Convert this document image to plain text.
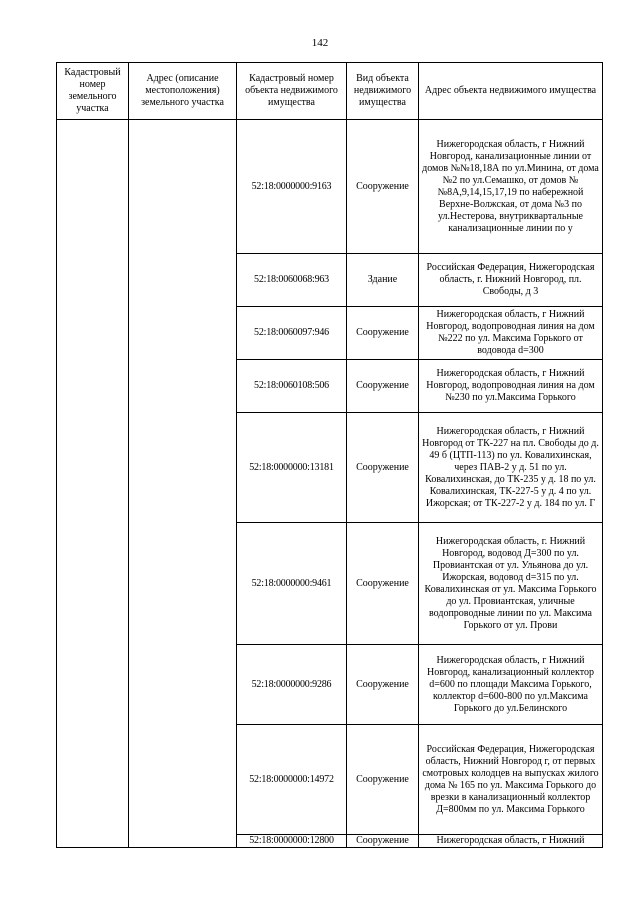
142
Кадастровый номер земельного участка	Адрес (описание местоположения) земельного участка	Кадастровый номер объекта недвижимого имущества	Вид объекта недвижимого имущества	Адрес объекта недвижимого имущества
		52:18:0000000:9163	Сооружение	Нижегородская область, г Нижний Новгород, канализационные линии от домов №№18,18А по ул.Минина, от дома №2 по ул.Семашко, от домов №№8А,9,14,15,17,19 по набережной Верхне-Волжская, от дома №3 по ул.Нестерова, внутриквартальные канализационные линии по у
		52:18:0060068:963	Здание	Российская Федерация, Нижегородская область, г. Нижний Новгород, пл. Свободы, д 3
		52:18:0060097:946	Сооружение	Нижегородская область, г Нижний Новгород, водопроводная линия на дом №222 по ул. Максима Горького от водовода d=300
		52:18:0060108:506	Сооружение	Нижегородская область, г Нижний Новгород, водопроводная линия на дом №230 по ул.Максима Горького
		52:18:0000000:13181	Сооружение	Нижегородская область, г Нижний Новгород от ТК-227 на пл. Свободы до д. 49 б (ЦТП-113) по ул. Ковалихинская, через ПАВ-2 у д. 51 по ул. Ковалихинская, до ТК-235 у д. 18 по ул. Ковалихинская, ТК-227-5 у д. 4 по ул. Ижорская; от ТК-227-2 у д. 184 по ул. Г
		52:18:0000000:9461	Сооружение	Нижегородская область, г. Нижний Новгород, водовод Д=300 по ул. Провиантская от ул. Ульянова до ул. Ижорская, водовод d=315 по ул. Ковалихинская от ул. Максима Горького до ул. Провиантская, уличные водопроводные линии по ул. Максима Горького от ул. Прови
		52:18:0000000:9286	Сооружение	Нижегородская область, г Нижний Новгород, канализационный коллектор d=600 по площади Максима Горького, коллектор d=600-800 по ул.Максима Горького до ул.Белинского
		52:18:0000000:14972	Сооружение	Российская Федерация, Нижегородская область, Нижний Новгород г, от первых смотровых колодцев на выпусках жилого дома № 165 по ул. Максима Горького до врезки в канализационный коллектор Д=800мм по ул. Максима Горького
		52:18:0000000:12800	Сооружение	Нижегородская область, г Нижний
